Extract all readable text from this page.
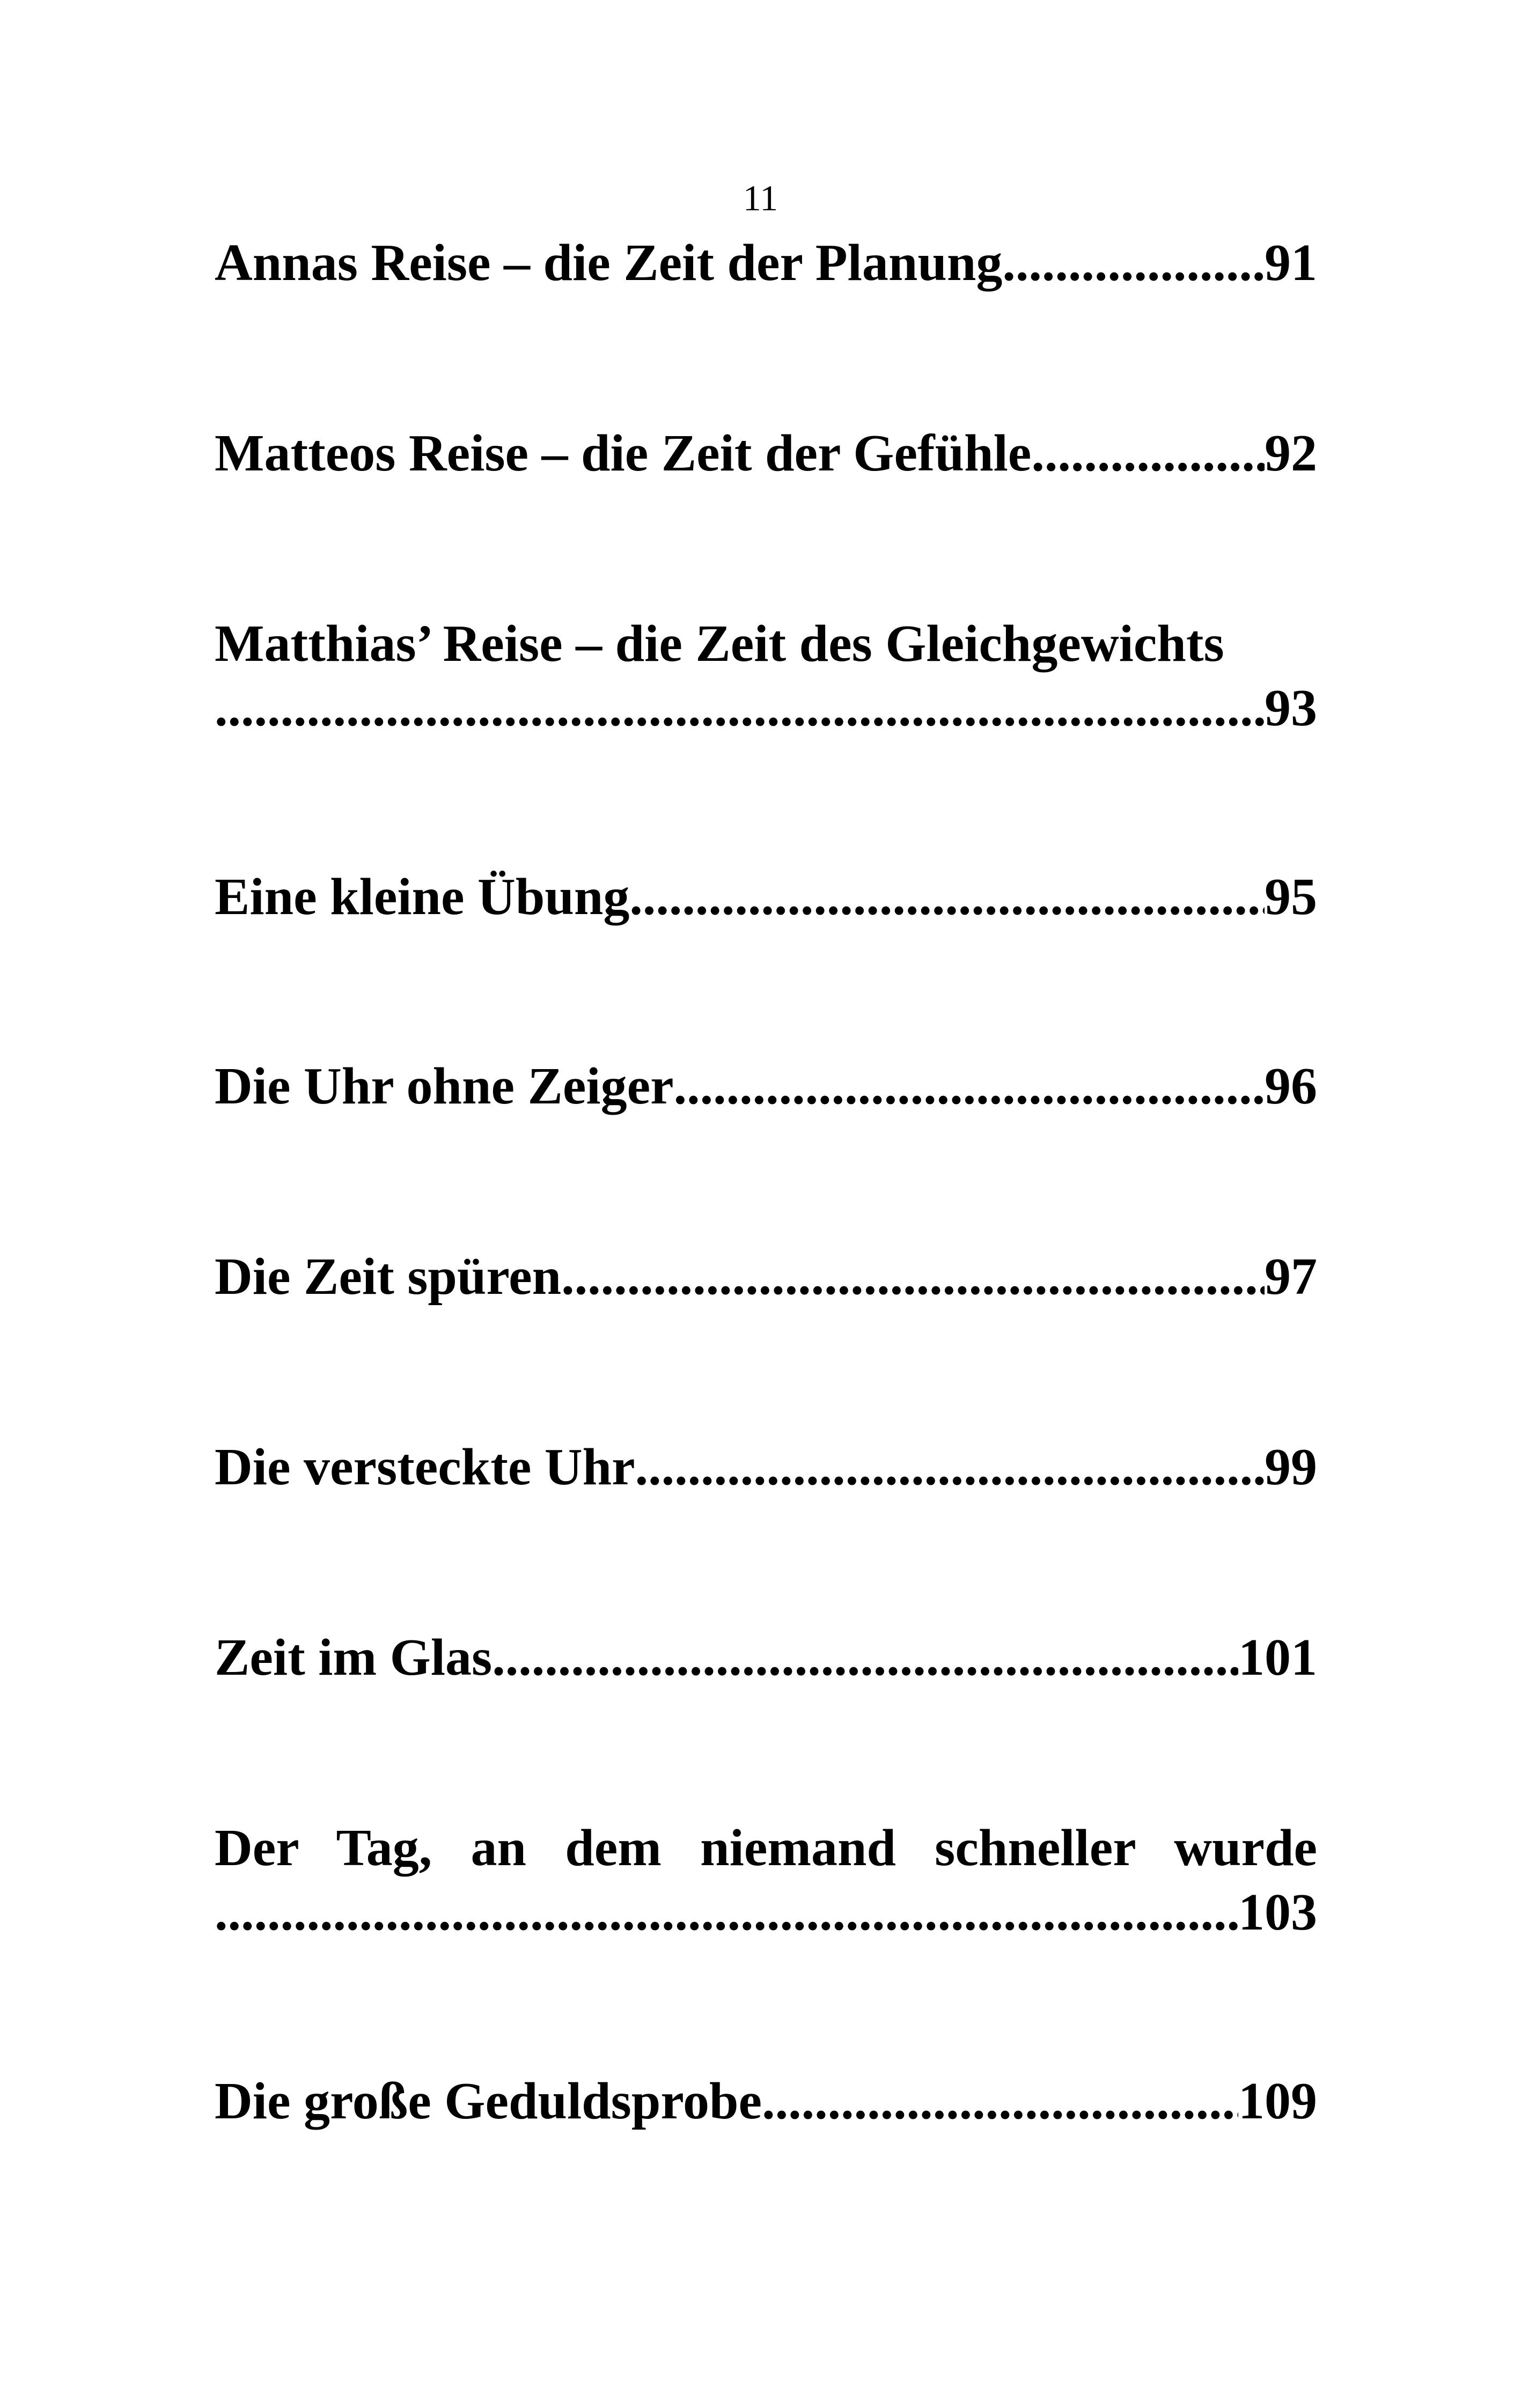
11
Annas Reise – die Zeit der Planung .....	91
Matteos Reise – die Zeit der Gefühle .....	92
Matthias’ Reise – die Zeit des Gleichgewichts
.....
93
Eine kleine Übung .....	95
Die Uhr ohne Zeiger .....	96
Die Zeit spüren .....	97
Die versteckte Uhr .....	99
Zeit im Glas .....	101
Der Tag, an dem niemand schneller wurde
.....
103
Die große Geduldsprobe .....	109
